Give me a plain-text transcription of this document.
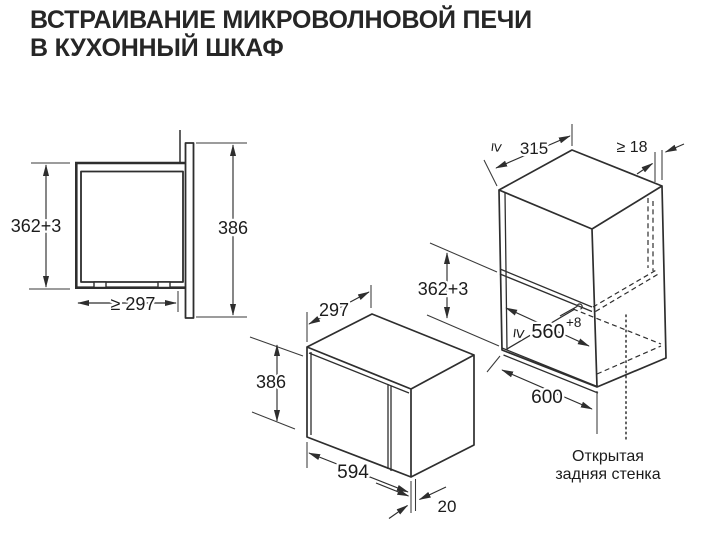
ВСТРАИВАНИЕ МИКРОВОЛНОВОЙ ПЕЧИ
В КУХОННЫЙ ШКАФ
362+3	386
≥ 297	297
386
594
20
≥ 315	≥ 18
362+3
≥ 560 +8
600
Открытая
задняя стенка
